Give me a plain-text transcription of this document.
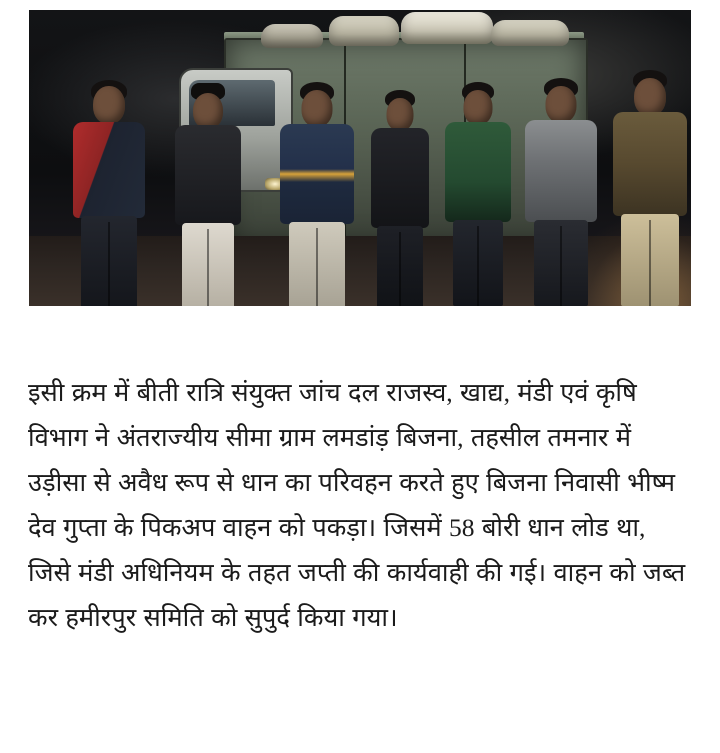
इसी क्रम में बीती रात्रि संयुक्त जांच दल राजस्व, खाद्य, मंडी एवं कृषि विभाग ने अंतराज्यीय सीमा ग्राम लमडांड़ बिजना, तहसील तमनार में उड़ीसा से अवैध रूप से धान का परिवहन करते हुए बिजना निवासी भीष्म देव गुप्ता के पिकअप वाहन को पकड़ा। जिसमें 58 बोरी धान लोड था, जिसे मंडी अधिनियम के तहत जप्ती की कार्यवाही की गई। वाहन को जब्त कर हमीरपुर समिति को सुपुर्द किया गया।
